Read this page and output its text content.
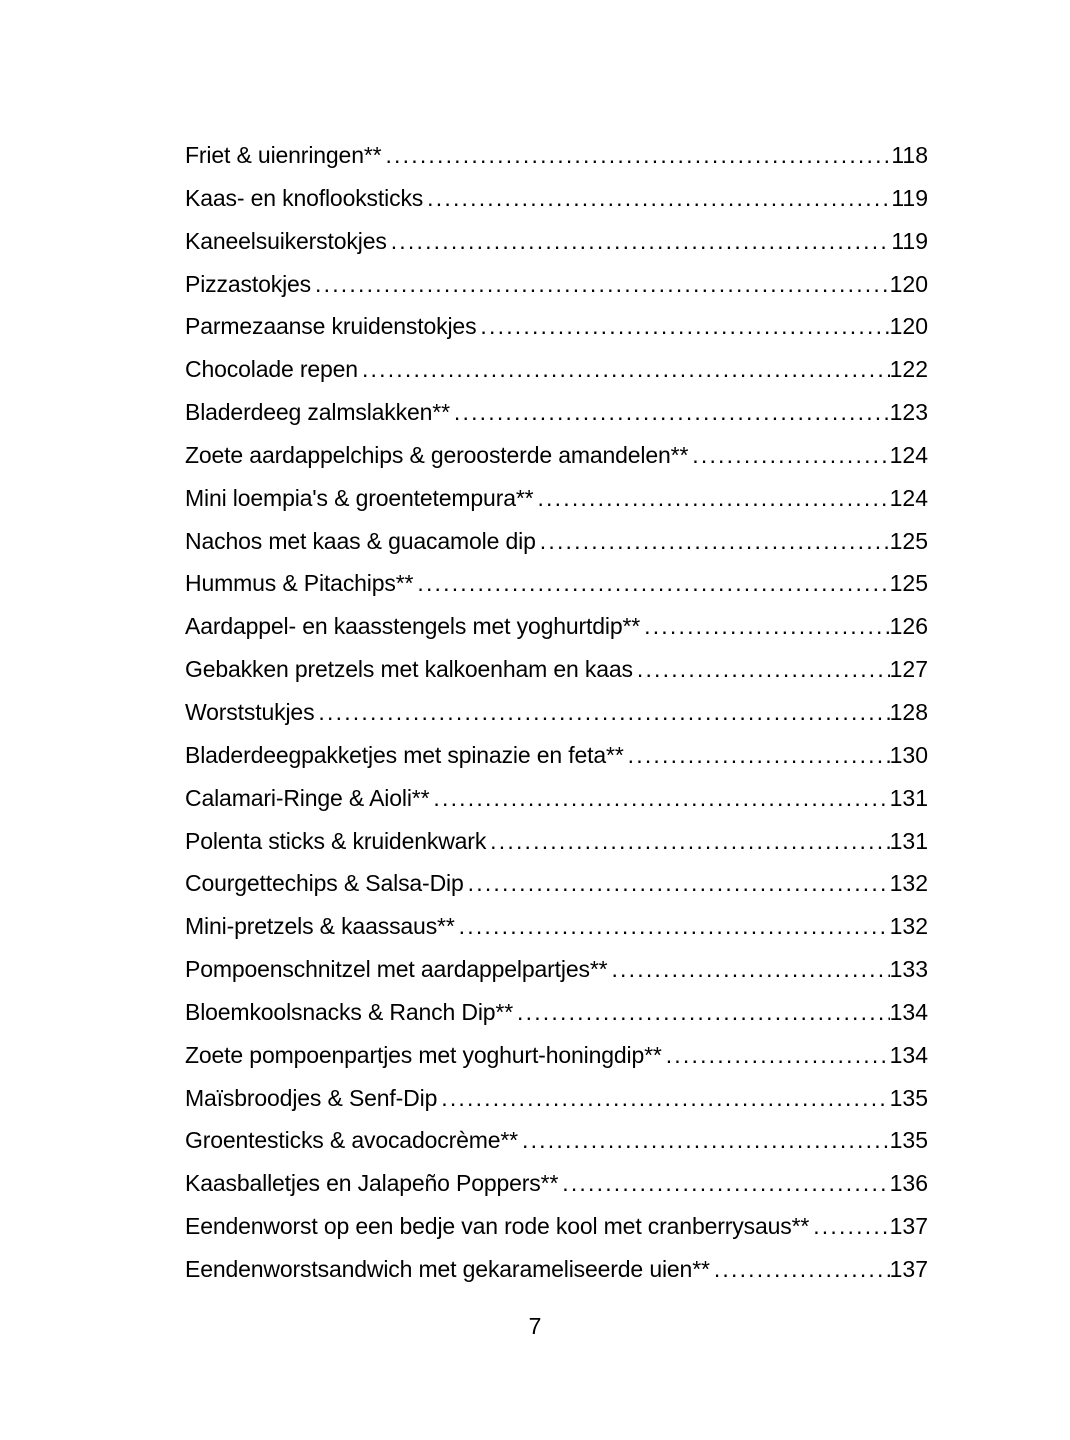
Friet & uienringen** .....	118
Kaas- en knoflooksticks .....	119
Kaneelsuikerstokjes .....	119
Pizzastokjes .....	120
Parmezaanse kruidenstokjes .....	120
Chocolade repen .....	122
Bladerdeeg zalmslakken** .....	123
Zoete aardappelchips & geroosterde amandelen** .....	124
Mini loempia's & groentetempura** .....	124
Nachos met kaas & guacamole dip .....	125
Hummus & Pitachips** .....	125
Aardappel- en kaasstengels met yoghurtdip** .....	126
Gebakken pretzels met kalkoenham en kaas .....	127
Worststukjes .....	128
Bladerdeegpakketjes met spinazie en feta** .....	130
Calamari-Ringe & Aioli** .....	131
Polenta sticks & kruidenkwark .....	131
Courgettechips & Salsa-Dip .....	132
Mini-pretzels & kaassaus** .....	132
Pompoenschnitzel met aardappelpartjes** .....	133
Bloemkoolsnacks & Ranch Dip** .....	134
Zoete pompoenpartjes met yoghurt-honingdip** .....	134
Maïsbroodjes & Senf-Dip .....	135
Groentesticks & avocadocrème** .....	135
Kaasballetjes en Jalapeño Poppers** .....	136
Eendenworst op een bedje van rode kool met cranberrysaus** .....	137
Eendenworstsandwich met gekarameliseerde uien** .....	137
7
